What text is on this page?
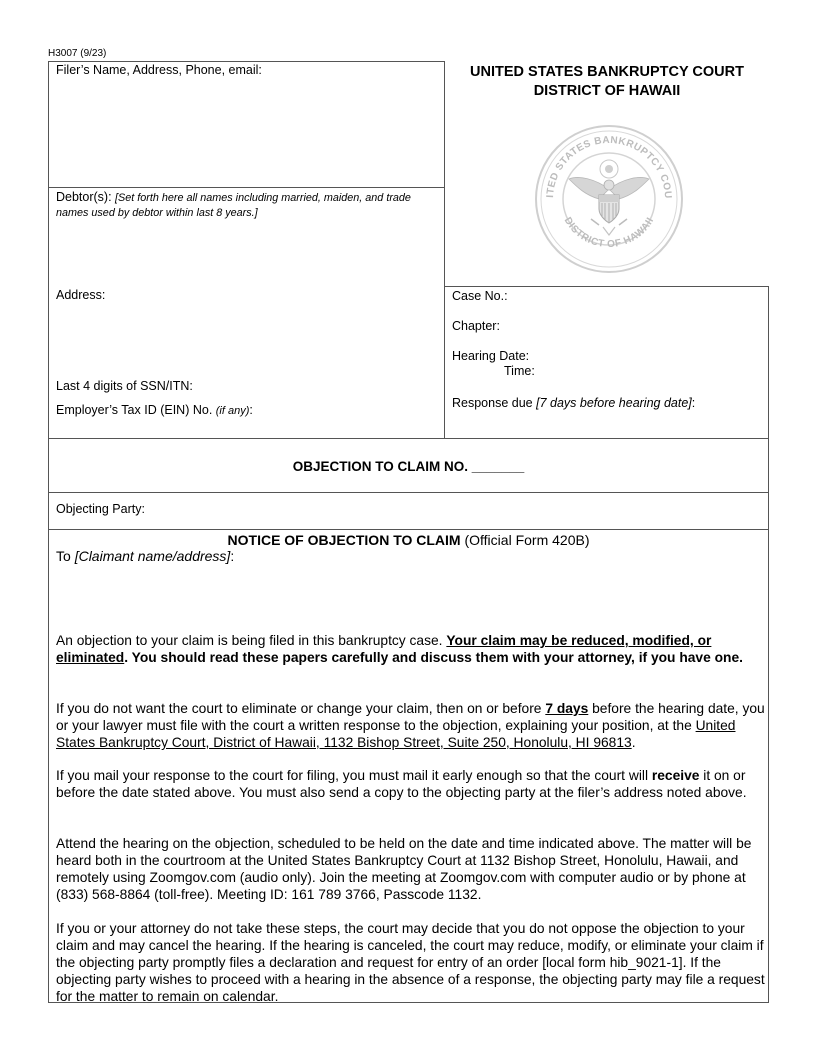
H3007 (9/23)
Filer’s Name, Address, Phone, email:	UNITED STATES BANKRUPTCY COURT
DISTRICT OF HAWAII
ITED STATES BANKRUPTCY COU
DISTRICT OF HAWAII
Debtor(s): [Set forth here all names including married, maiden, and trade names used by debtor within last 8 years.]
Address:
Last 4 digits of SSN/ITN:
Employer’s Tax ID (EIN) No. (if any):
Case No.:
Chapter:
Hearing Date:
Time:
Response due [7 days before hearing date]:
OBJECTION TO CLAIM NO. _______
Objecting Party:
NOTICE OF OBJECTION TO CLAIM (Official Form 420B)
To [Claimant name/address]:
An objection to your claim is being filed in this bankruptcy case. Your claim may be reduced, modified, or eliminated. You should read these papers carefully and discuss them with your attorney, if you have one.
If you do not want the court to eliminate or change your claim, then on or before 7 days before the hearing date, you or your lawyer must file with the court a written response to the objection, explaining your position, at the United States Bankruptcy Court, District of Hawaii, 1132 Bishop Street, Suite 250, Honolulu, HI 96813.
If you mail your response to the court for filing, you must mail it early enough so that the court will receive it on or before the date stated above. You must also send a copy to the objecting party at the filer’s address noted above.
Attend the hearing on the objection, scheduled to be held on the date and time indicated above. The matter will be heard both in the courtroom at the United States Bankruptcy Court at 1132 Bishop Street, Honolulu, Hawaii, and remotely using Zoomgov.com (audio only). Join the meeting at Zoomgov.com with computer audio or by phone at (833) 568-8864 (toll-free). Meeting ID: 161 789 3766, Passcode 1132.
If you or your attorney do not take these steps, the court may decide that you do not oppose the objection to your claim and may cancel the hearing. If the hearing is canceled, the court may reduce, modify, or eliminate your claim if the objecting party promptly files a declaration and request for entry of an order [local form hib_9021-1]. If the objecting party wishes to proceed with a hearing in the absence of a response, the objecting party may file a request for the matter to remain on calendar.
